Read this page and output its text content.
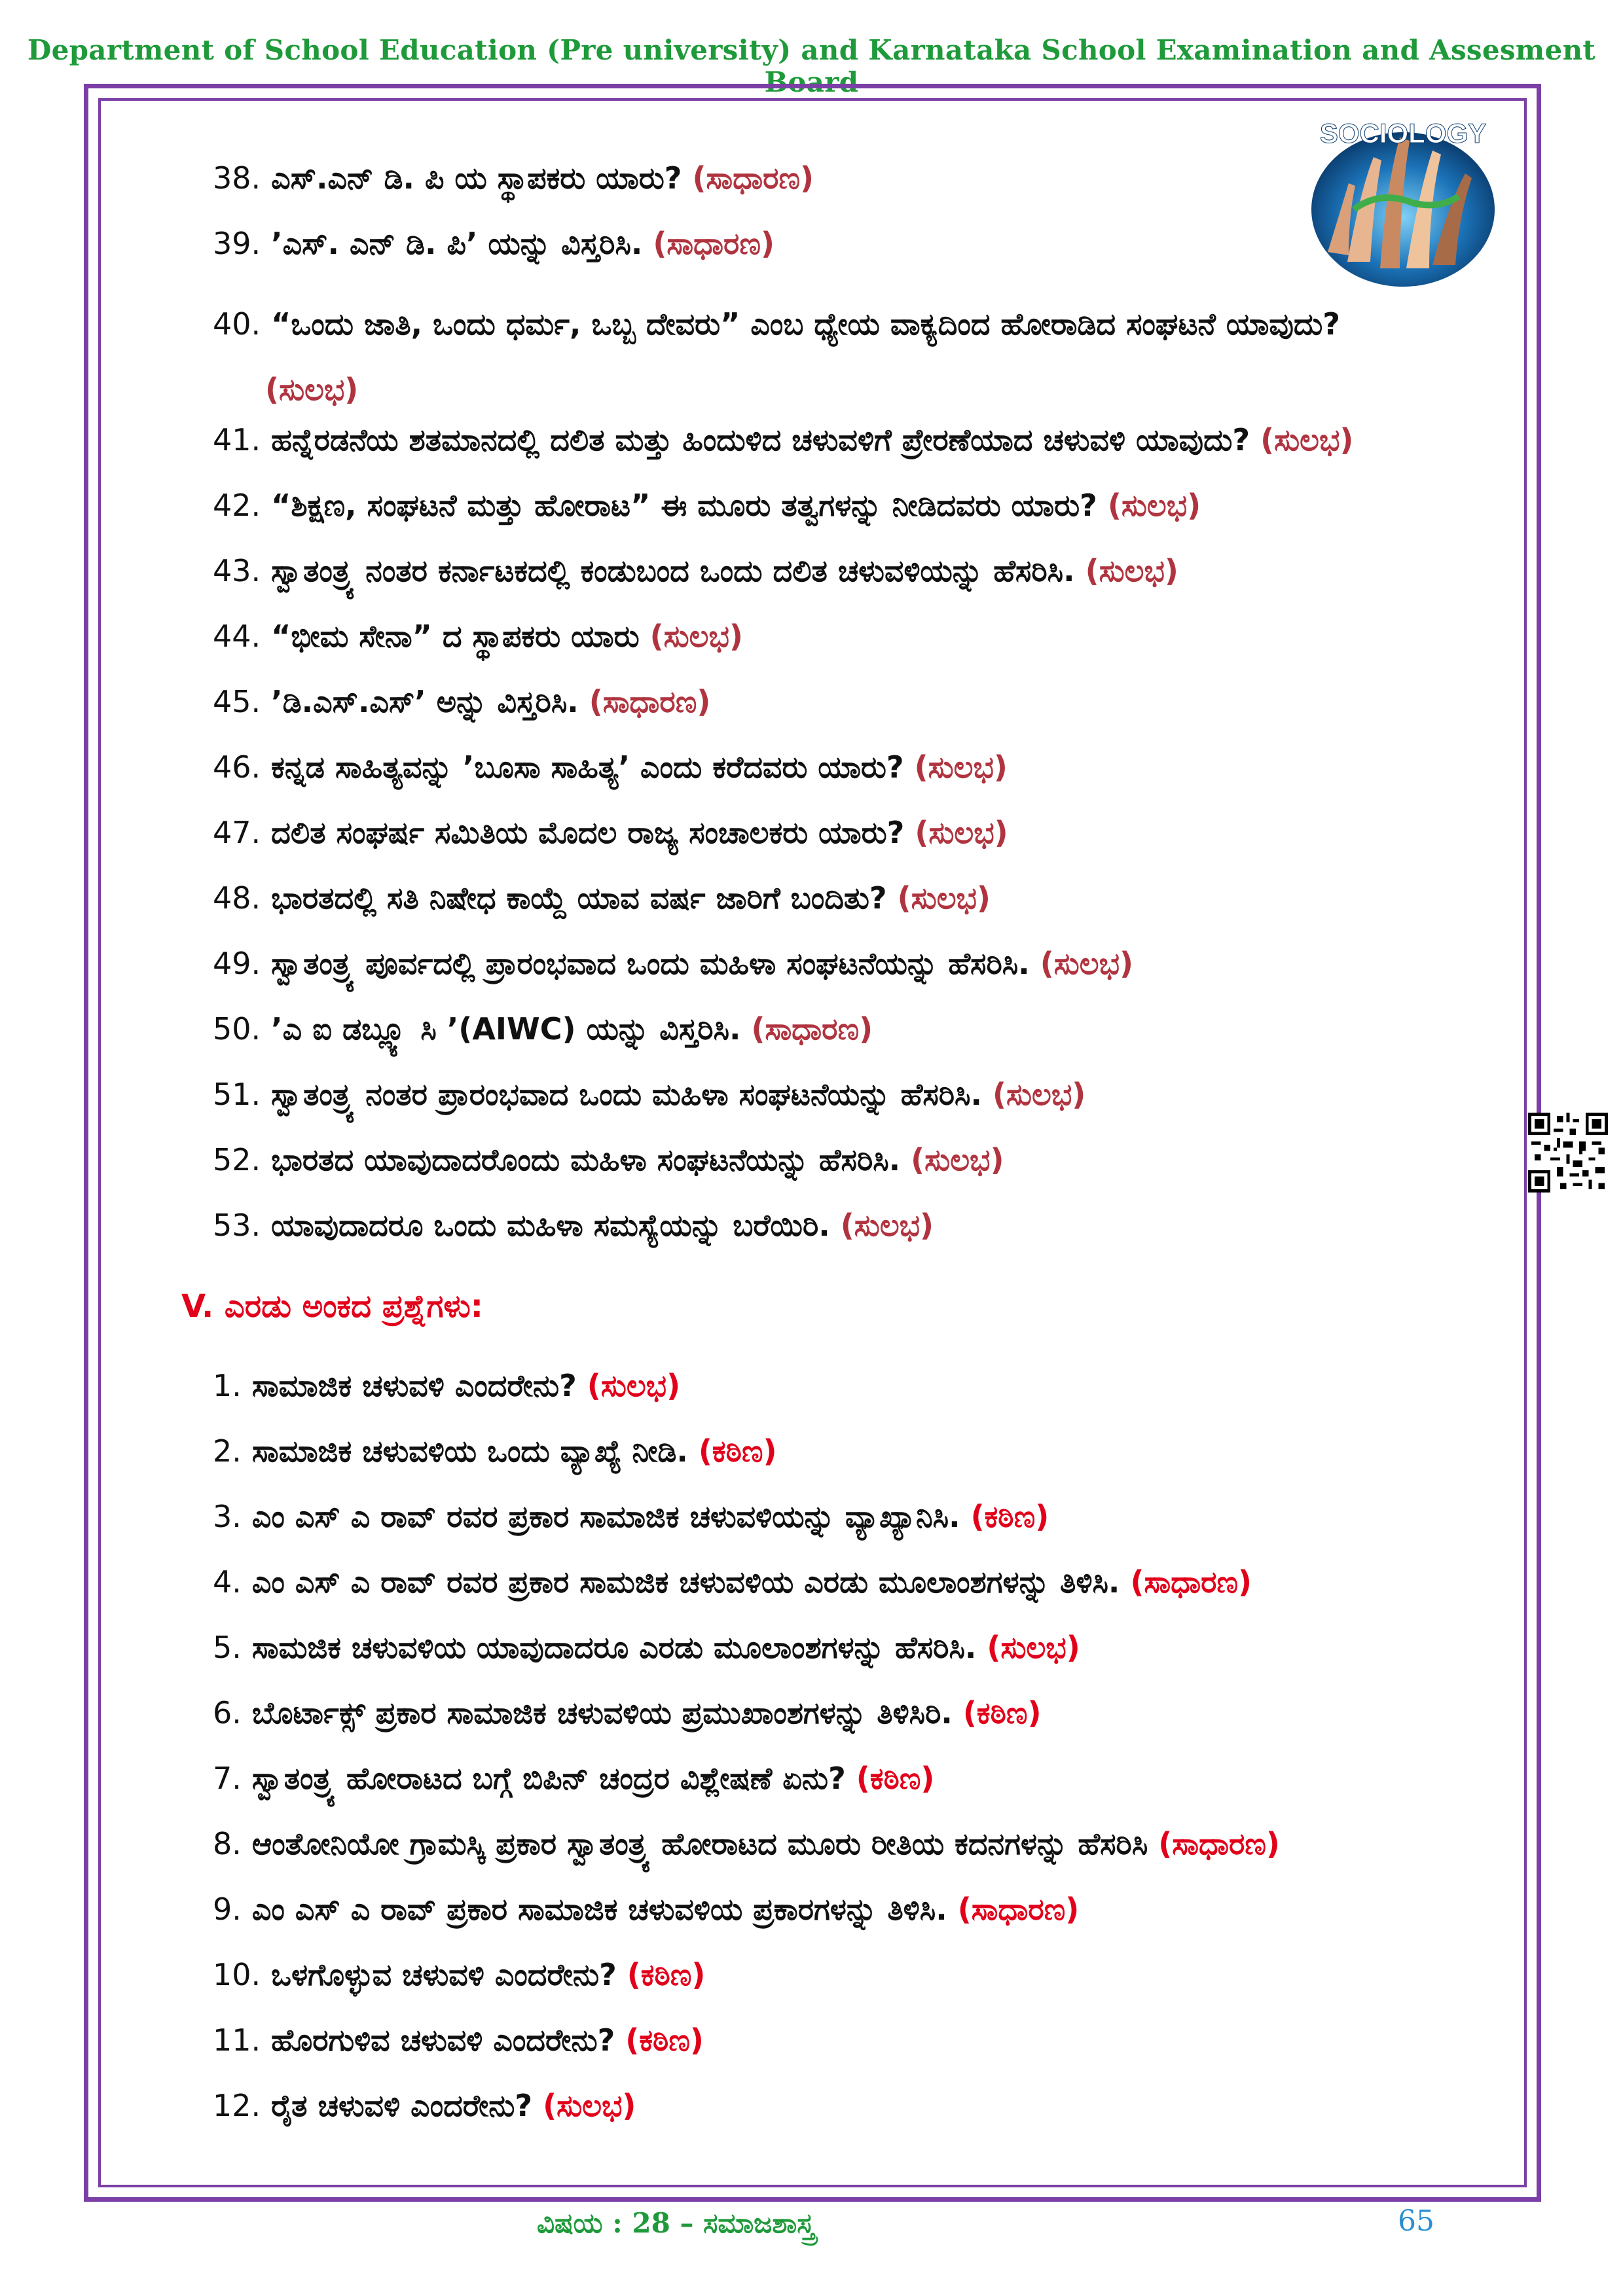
Department of School Education (Pre university) and Karnataka School Examination and Assesment Board
SOCIOLOGY
38. ಎಸ್.ಎನ್ ಡಿ. ಪಿ ಯ ಸ್ಥಾಪಕರು ಯಾರು? (ಸಾಧಾರಣ)
39. ’ಎಸ್. ಎನ್ ಡಿ. ಪಿ’ ಯನ್ನು ವಿಸ್ತರಿಸಿ. (ಸಾಧಾರಣ)
40. “ಒಂದು ಜಾತಿ, ಒಂದು ಧರ್ಮ, ಒಬ್ಬ ದೇವರು” ಎಂಬ ಧ್ಯೇಯ ವಾಕ್ಯದಿಂದ ಹೋರಾಡಿದ ಸಂಘಟನೆ ಯಾವುದು?
(ಸುಲಭ)
41. ಹನ್ನೆರಡನೆಯ ಶತಮಾನದಲ್ಲಿ ದಲಿತ ಮತ್ತು ಹಿಂದುಳಿದ ಚಳುವಳಿಗೆ ಪ್ರೇರಣೆಯಾದ ಚಳುವಳಿ ಯಾವುದು? (ಸುಲಭ)
42. “ಶಿಕ್ಷಣ, ಸಂಘಟನೆ ಮತ್ತು ಹೋರಾಟ” ಈ ಮೂರು ತತ್ವಗಳನ್ನು ನೀಡಿದವರು ಯಾರು? (ಸುಲಭ)
43. ಸ್ವಾತಂತ್ರ್ಯ ನಂತರ ಕರ್ನಾಟಕದಲ್ಲಿ ಕಂಡುಬಂದ ಒಂದು ದಲಿತ ಚಳುವಳಿಯನ್ನು ಹೆಸರಿಸಿ. (ಸುಲಭ)
44. “ಭೀಮ ಸೇನಾ” ದ ಸ್ಥಾಪಕರು ಯಾರು (ಸುಲಭ)
45. ’ಡಿ.ಎಸ್.ಎಸ್’ ಅನ್ನು ವಿಸ್ತರಿಸಿ. (ಸಾಧಾರಣ)
46. ಕನ್ನಡ ಸಾಹಿತ್ಯವನ್ನು ’ಬೂಸಾ ಸಾಹಿತ್ಯ’ ಎಂದು ಕರೆದವರು ಯಾರು? (ಸುಲಭ)
47. ದಲಿತ ಸಂಘರ್ಷ ಸಮಿತಿಯ ಮೊದಲ ರಾಜ್ಯ ಸಂಚಾಲಕರು ಯಾರು? (ಸುಲಭ)
48. ಭಾರತದಲ್ಲಿ ಸತಿ ನಿಷೇಧ ಕಾಯ್ದೆ ಯಾವ ವರ್ಷ ಜಾರಿಗೆ ಬಂದಿತು? (ಸುಲಭ)
49. ಸ್ವಾತಂತ್ರ್ಯ ಪೂರ್ವದಲ್ಲಿ ಪ್ರಾರಂಭವಾದ ಒಂದು ಮಹಿಳಾ ಸಂಘಟನೆಯನ್ನು ಹೆಸರಿಸಿ. (ಸುಲಭ)
50. ’ಎ ಐ ಡಬ್ಲ್ಯೂ ಸಿ ’(AIWC) ಯನ್ನು ವಿಸ್ತರಿಸಿ. (ಸಾಧಾರಣ)
51. ಸ್ವಾತಂತ್ರ್ಯ ನಂತರ ಪ್ರಾರಂಭವಾದ ಒಂದು ಮಹಿಳಾ ಸಂಘಟನೆಯನ್ನು ಹೆಸರಿಸಿ. (ಸುಲಭ)
52. ಭಾರತದ ಯಾವುದಾದರೊಂದು ಮಹಿಳಾ ಸಂಘಟನೆಯನ್ನು ಹೆಸರಿಸಿ. (ಸುಲಭ)
53. ಯಾವುದಾದರೂ ಒಂದು ಮಹಿಳಾ ಸಮಸ್ಯೆಯನ್ನು ಬರೆಯಿರಿ. (ಸುಲಭ)
V. ಎರಡು ಅಂಕದ ಪ್ರಶ್ನೆಗಳು:
1. ಸಾಮಾಜಿಕ ಚಳುವಳಿ ಎಂದರೇನು? (ಸುಲಭ)
2. ಸಾಮಾಜಿಕ ಚಳುವಳಿಯ ಒಂದು ವ್ಯಾಖ್ಯೆ ನೀಡಿ. (ಕಠಿಣ)
3. ಎಂ ಎಸ್ ಎ ರಾವ್ ರವರ ಪ್ರಕಾರ ಸಾಮಾಜಿಕ ಚಳುವಳಿಯನ್ನು ವ್ಯಾಖ್ಯಾನಿಸಿ. (ಕಠಿಣ)
4. ಎಂ ಎಸ್ ಎ ರಾವ್ ರವರ ಪ್ರಕಾರ ಸಾಮಜಿಕ ಚಳುವಳಿಯ ಎರಡು ಮೂಲಾಂಶಗಳನ್ನು ತಿಳಿಸಿ. (ಸಾಧಾರಣ)
5. ಸಾಮಜಿಕ ಚಳುವಳಿಯ ಯಾವುದಾದರೂ ಎರಡು ಮೂಲಾಂಶಗಳನ್ನು ಹೆಸರಿಸಿ. (ಸುಲಭ)
6. ಬೊರ್ಟಾಕ್ಸ್ ಪ್ರಕಾರ ಸಾಮಾಜಿಕ ಚಳುವಳಿಯ ಪ್ರಮುಖಾಂಶಗಳನ್ನು ತಿಳಿಸಿರಿ. (ಕಠಿಣ)
7. ಸ್ವಾತಂತ್ರ್ಯ ಹೋರಾಟದ ಬಗ್ಗೆ ಬಿಪಿನ್ ಚಂದ್ರರ ವಿಶ್ಲೇಷಣೆ ಏನು? (ಕಠಿಣ)
8. ಆಂತೋನಿಯೋ ಗ್ರಾಮಸ್ಕಿ ಪ್ರಕಾರ ಸ್ವಾತಂತ್ರ್ಯ ಹೋರಾಟದ ಮೂರು ರೀತಿಯ ಕದನಗಳನ್ನು ಹೆಸರಿಸಿ (ಸಾಧಾರಣ)
9. ಎಂ ಎಸ್ ಎ ರಾವ್ ಪ್ರಕಾರ ಸಾಮಾಜಿಕ ಚಳುವಳಿಯ ಪ್ರಕಾರಗಳನ್ನು ತಿಳಿಸಿ. (ಸಾಧಾರಣ)
10. ಒಳಗೊಳ್ಳುವ ಚಳುವಳಿ ಎಂದರೇನು? (ಕಠಿಣ)
11. ಹೊರಗುಳಿವ ಚಳುವಳಿ ಎಂದರೇನು? (ಕಠಿಣ)
12. ರೈತ ಚಳುವಳಿ ಎಂದರೇನು? (ಸುಲಭ)
ವಿಷಯ : 28 – ಸಮಾಜಶಾಸ್ತ್ರ	65
